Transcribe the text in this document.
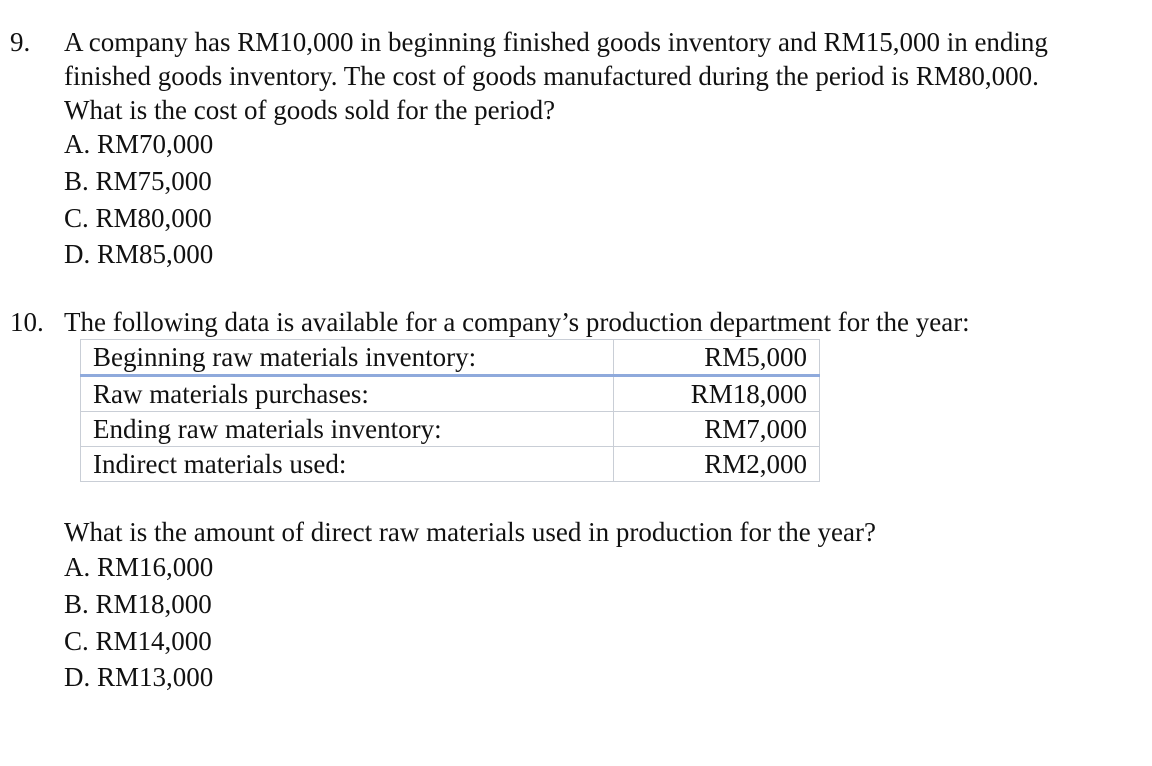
9. A company has RM10,000 in beginning finished goods inventory and RM15,000 in ending
finished goods inventory. The cost of goods manufactured during the period is RM80,000.
What is the cost of goods sold for the period?
A. RM70,000
B. RM75,000
C. RM80,000
D. RM85,000
10. The following data is available for a company’s production department for the year:
Beginning raw materials inventory:	RM5,000
Raw materials purchases:	RM18,000
Ending raw materials inventory:	RM7,000
Indirect materials used:	RM2,000
What is the amount of direct raw materials used in production for the year?
A. RM16,000
B. RM18,000
C. RM14,000
D. RM13,000
